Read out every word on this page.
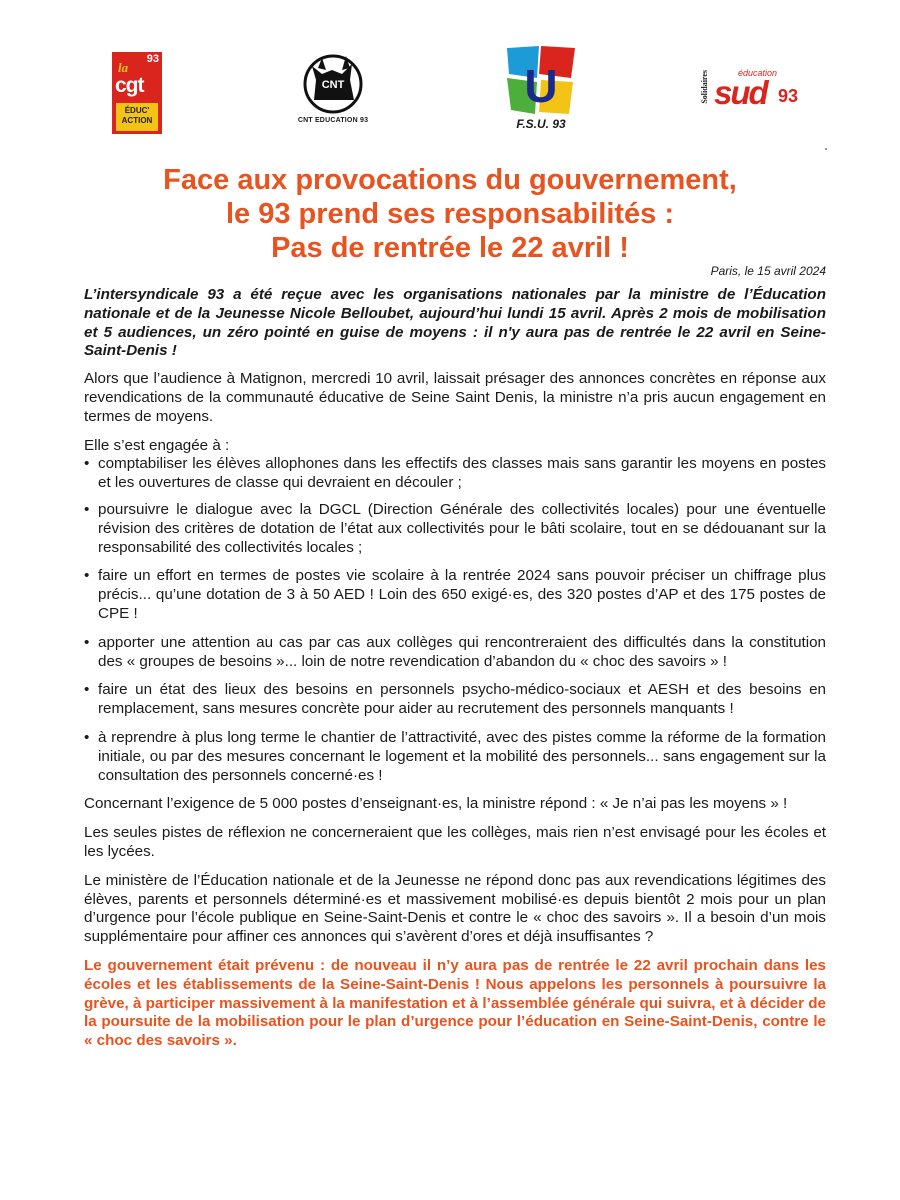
93
la
cgt
ÉDUC'
ACTION
CNT
CNT EDUCATION 93
U
F.S.U. 93
Solidaires	éducation
sud 93
Face aux provocations du gouvernement,
le 93 prend ses responsabilités :
Pas de rentrée le 22 avril !
Paris, le 15 avril 2024

L’intersyndicale 93 a été reçue avec les organisations nationales par la ministre de l’Éducation nationale et de la Jeunesse Nicole Belloubet, aujourd’hui lundi 15 avril. Après 2 mois de mobilisation et 5 audiences, un zéro pointé en guise de moyens : il n'y aura pas de rentrée le 22 avril en Seine-Saint-Denis !

Alors que l’audience à Matignon, mercredi 10 avril, laissait présager des annonces concrètes en réponse aux revendications de la communauté éducative de Seine Saint Denis, la ministre n’a pris aucun engagement en termes de moyens.

Elle s’est engagée à :

• comptabiliser les élèves allophones dans les effectifs des classes mais sans garantir les moyens en postes et les ouvertures de classe qui devraient en découler ;
• poursuivre le dialogue avec la DGCL (Direction Générale des collectivités locales) pour une éventuelle révision des critères de dotation de l’état aux collectivités pour le bâti scolaire, tout en se dédouanant sur la responsabilité des collectivités locales ;
• faire un effort en termes de postes vie scolaire à la rentrée 2024 sans pouvoir préciser un chiffrage plus précis... qu’une dotation de 3 à 50 AED ! Loin des 650 exigé·es, des 320 postes d’AP et des 175 postes de CPE !
• apporter une attention au cas par cas aux collèges qui rencontreraient des difficultés dans la constitution des « groupes de besoins »... loin de notre revendication d’abandon du « choc des savoirs » !
• faire un état des lieux des besoins en personnels psycho-médico-sociaux et AESH et des besoins en remplacement, sans mesures concrète pour aider au recrutement des personnels manquants !
• à reprendre à plus long terme le chantier de l’attractivité, avec des pistes comme la réforme de la formation initiale, ou par des mesures concernant le logement et la mobilité des personnels... sans engagement sur la consultation des personnels concerné·es !

Concernant l’exigence de 5 000 postes d’enseignant·es, la ministre répond : « Je n’ai pas les moyens » !

Les seules pistes de réflexion ne concerneraient que les collèges, mais rien n’est envisagé pour les écoles et les lycées.

Le ministère de l’Éducation nationale et de la Jeunesse ne répond donc pas aux revendications légitimes des élèves, parents et personnels déterminé·es et massivement mobilisé·es depuis bientôt 2 mois pour un plan d’urgence pour l’école publique en Seine-Saint-Denis et contre le « choc des savoirs ». Il a besoin d’un mois supplémentaire pour affiner ces annonces qui s’avèrent d’ores et déjà insuffisantes ?

Le gouvernement était prévenu : de nouveau il n’y aura pas de rentrée le 22 avril prochain dans les écoles et les établissements de la Seine-Saint-Denis ! Nous appelons les personnels à poursuivre la grève, à participer massivement à la manifestation et à l’assemblée générale qui suivra, et à décider de la poursuite de la mobilisation pour le plan d’urgence pour l’éducation en Seine-Saint-Denis, contre le « choc des savoirs ».
